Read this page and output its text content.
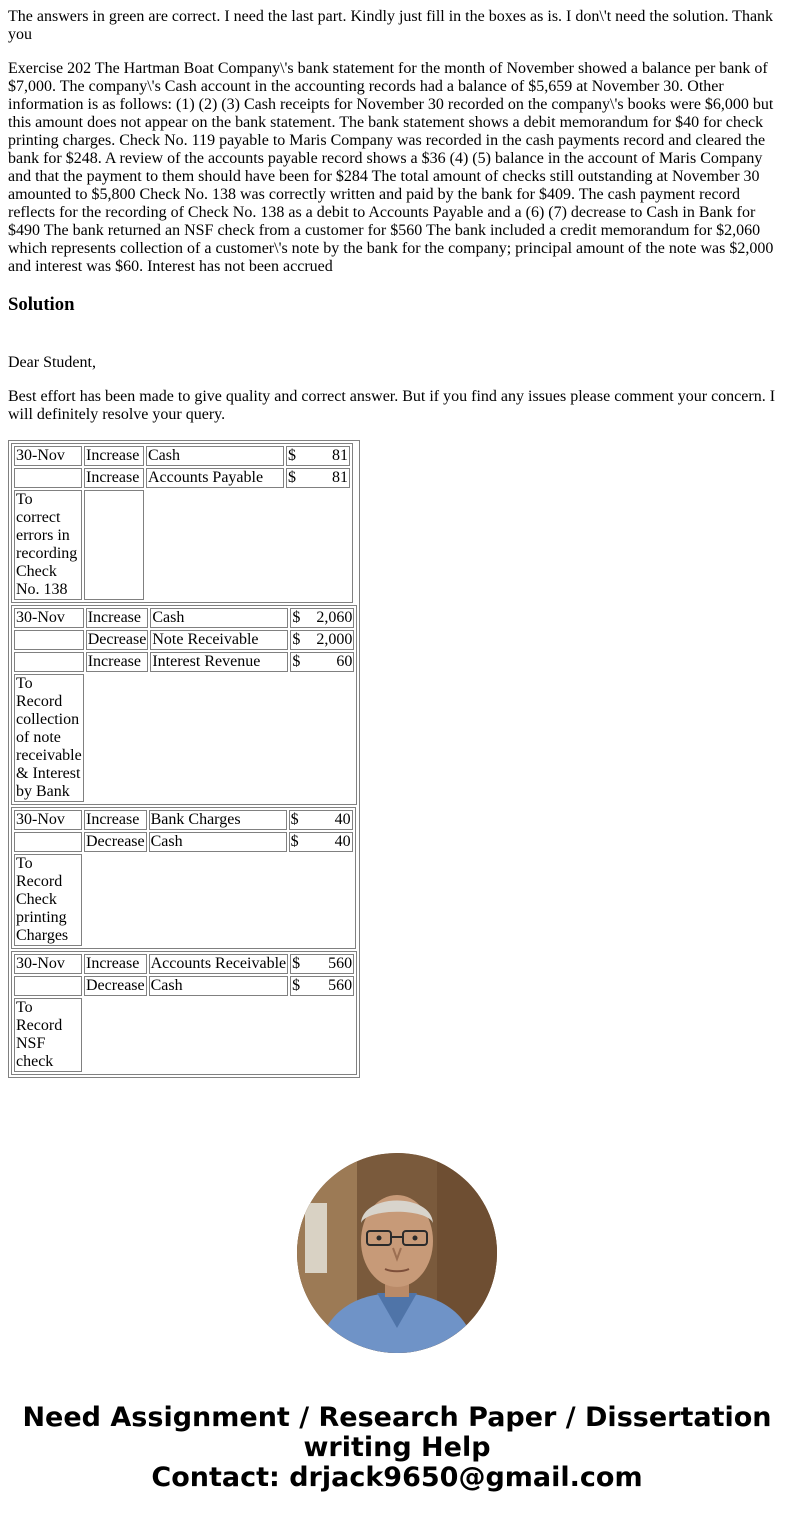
The answers in green are correct. I need the last part. Kindly just fill in the boxes as is. I don\'t need the solution. Thank you

Exercise 202 The Hartman Boat Company\'s bank statement for the month of November showed a balance per bank of $7,000. The company\'s Cash account in the accounting records had a balance of $5,659 at November 30. Other information is as follows: (1) (2) (3) Cash receipts for November 30 recorded on the company\'s books were $6,000 but this amount does not appear on the bank statement. The bank statement shows a debit memorandum for $40 for check printing charges. Check No. 119 payable to Maris Company was recorded in the cash payments record and cleared the bank for $248. A review of the accounts payable record shows a $36 (4) (5) balance in the account of Maris Company and that the payment to them should have been for $284 The total amount of checks still outstanding at November 30 amounted to $5,800 Check No. 138 was correctly written and paid by the bank for $409. The cash payment record reflects for the recording of Check No. 138 as a debit to Accounts Payable and a (6) (7) decrease to Cash in Bank for $490 The bank returned an NSF check from a customer for $560 The bank included a credit memorandum for $2,060 which represents collection of a customer\'s note by the bank for the company; principal amount of the note was $2,000 and interest was $60. Interest has not been accrued

Solution

Dear Student,

Best effort has been made to give quality and correct answer. But if you find any issues please comment your concern. I will definitely resolve your query.

30-Nov	Increase	Cash	$ 81

	Increase	Accounts Payable	$ 81

To correct errors in recording Check No. 138			

30-Nov	Increase	Cash	$ 2,060

	Decrease	Note Receivable	$ 2,000

	Increase	Interest Revenue	$ 60

To Record collection of note receivable & Interest by Bank			

30-Nov	Increase	Bank Charges	$ 40

	Decrease	Cash	$ 40

To Record Check printing Charges			

30-Nov	Increase	Accounts Receivable	$ 560

	Decrease	Cash	$ 560

To Record NSF check			
Need Assignment / Research Paper / Dissertation
writing Help
Contact: drjack9650@gmail.com
